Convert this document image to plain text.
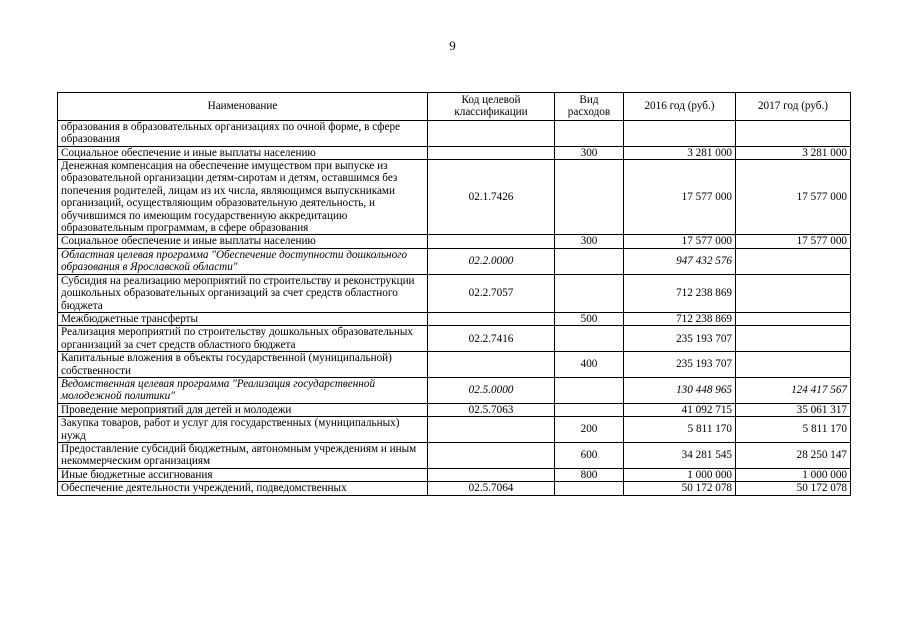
9
Наименование	Код целевой классификации	Вид расходов	2016 год (руб.)	2017 год (руб.)
образования в образовательных организациях по очной форме, в сфере образования				
Социальное обеспечение и иные выплаты населению		300	3 281 000	3 281 000
Денежная компенсация на обеспечение имуществом при выпуске из образовательной организации детям-сиротам и детям, оставшимся без попечения родителей, лицам из их числа, являющимся выпускниками организаций, осуществляющим образовательную деятельность, и обучившимся по имеющим государственную аккредитацию образовательным программам, в сфере образования	02.1.7426		17 577 000	17 577 000
Социальное обеспечение и иные выплаты населению		300	17 577 000	17 577 000
Областная целевая программа "Обеспечение доступности дошкольного образования в Ярославской области"	02.2.0000		947 432 576	
Субсидия на реализацию мероприятий по строительству и реконструкции дошкольных образовательных организаций за счет средств областного бюджета	02.2.7057		712 238 869	
Межбюджетные трансферты		500	712 238 869	
Реализация мероприятий по строительству дошкольных образовательных организаций за счет средств областного бюджета	02.2.7416		235 193 707	
Капитальные вложения в объекты государственной (муниципальной) собственности		400	235 193 707	
Ведомственная целевая программа "Реализация государственной молодежной политики"	02.5.0000		130 448 965	124 417 567
Проведение мероприятий для детей и молодежи	02.5.7063		41 092 715	35 061 317
Закупка товаров, работ и услуг для государственных (муниципальных) нужд		200	5 811 170	5 811 170
Предоставление субсидий бюджетным, автономным учреждениям и иным некоммерческим организациям		600	34 281 545	28 250 147
Иные бюджетные ассигнования		800	1 000 000	1 000 000
Обеспечение деятельности учреждений, подведомственных	02.5.7064		50 172 078	50 172 078
